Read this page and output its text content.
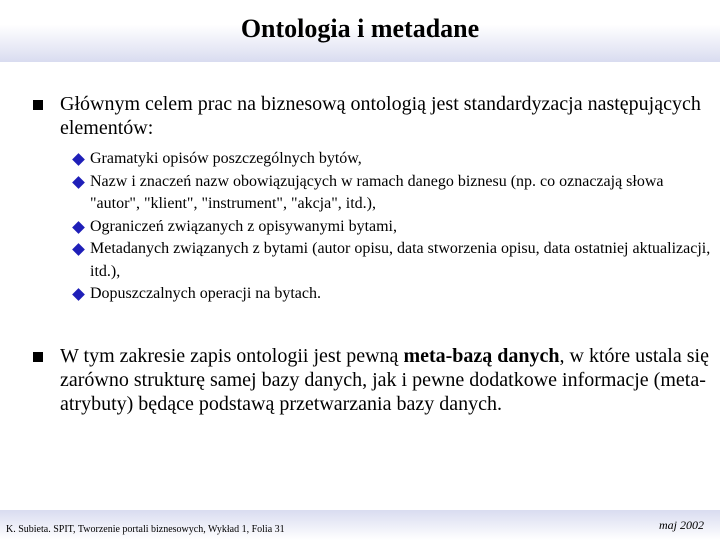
Ontologia i metadane
Głównym celem prac na biznesową ontologią jest standardyzacja następujących elementów:
Gramatyki opisów poszczególnych bytów,
Nazw i znaczeń nazw obowiązujących w ramach danego biznesu (np. co oznaczają słowa "autor", "klient", "instrument", "akcja", itd.),
Ograniczeń związanych z opisywanymi bytami,
Metadanych związanych z bytami (autor opisu, data stworzenia opisu, data ostatniej aktualizacji, itd.),
Dopuszczalnych operacji na bytach.
W tym zakresie zapis ontologii jest pewną meta-bazą danych, w które ustala się zarówno strukturę samej bazy danych, jak i pewne dodatkowe informacje (meta-atrybuty) będące podstawą przetwarzania bazy danych.
K. Subieta. SPIT, Tworzenie portali biznesowych, Wykład 1, Folia 31	maj 2002
